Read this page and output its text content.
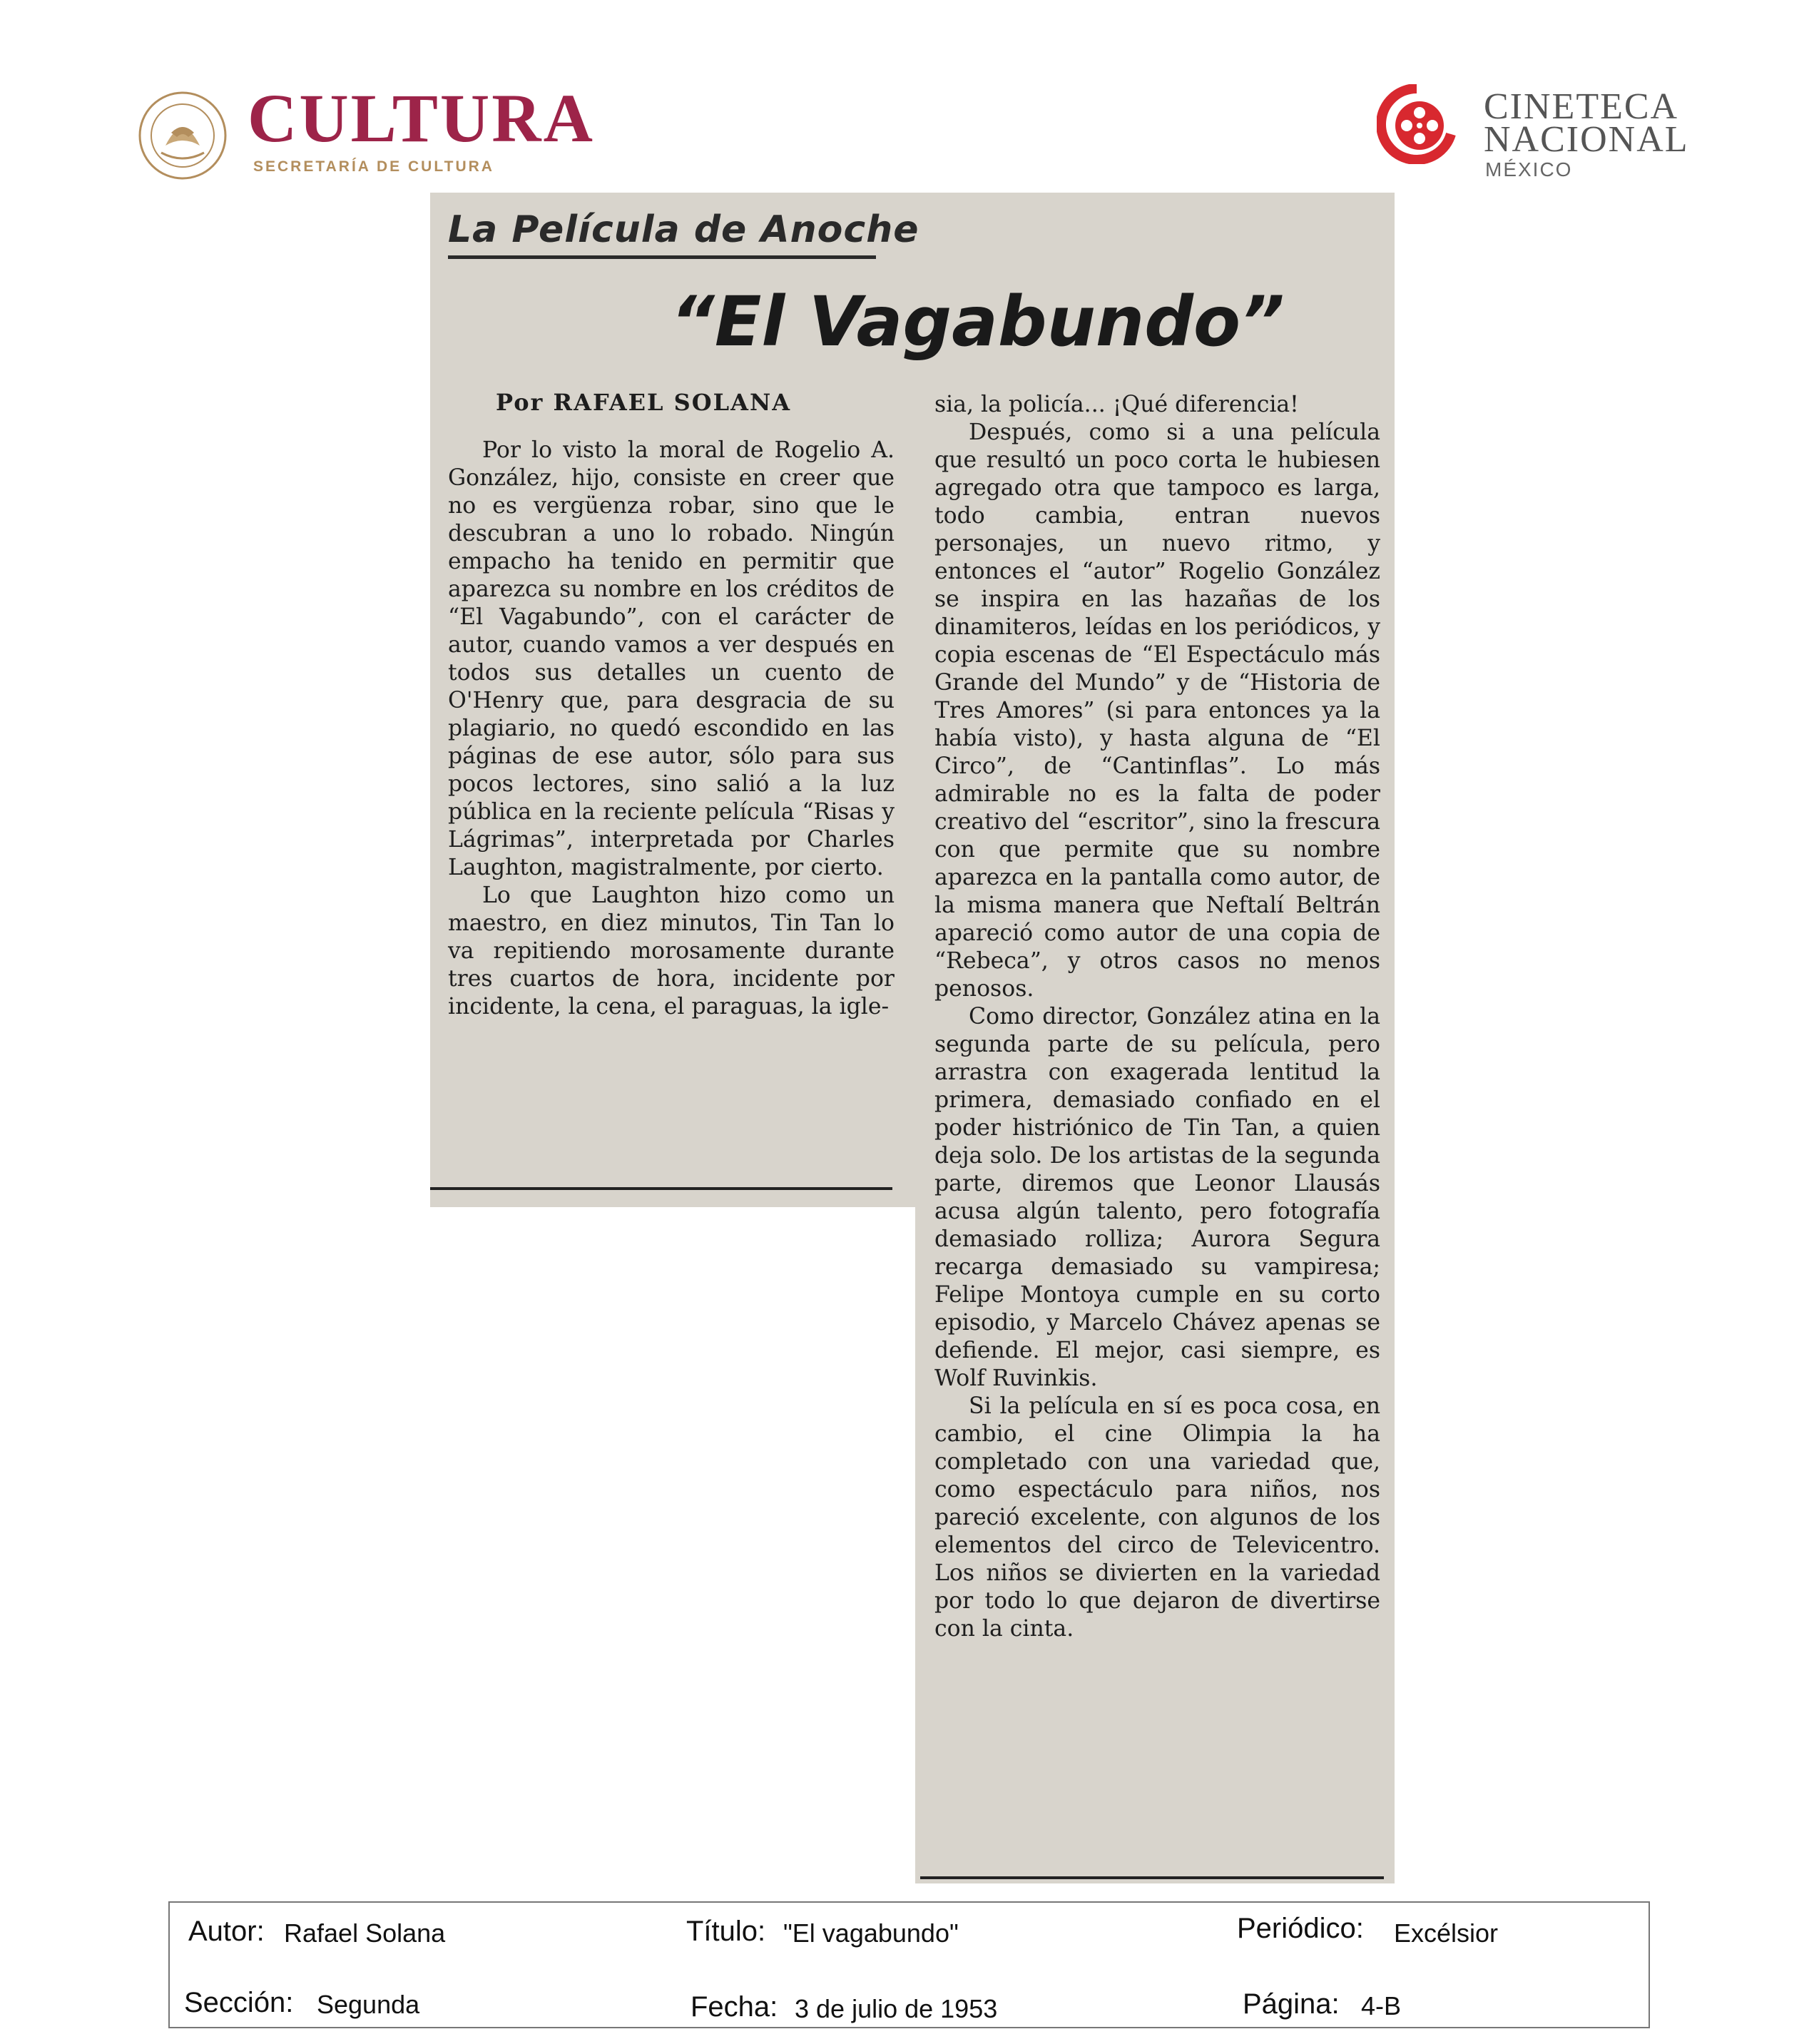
CULTURA
SECRETARÍA DE CULTURA
CINETECA
NACIONAL
MÉXICO
La Película de Anoche
“El Vagabundo”
Por RAFAEL SOLANA

Por lo visto la moral de Rogelio A. González, hijo, consiste en creer que no es vergüenza robar, sino que le descubran a uno lo robado. Ningún empacho ha tenido en permitir que aparezca su nombre en los créditos de “El Vagabundo”, con el carácter de autor, cuando vamos a ver después en todos sus detalles un cuento de O'Henry que, para desgracia de su plagiario, no quedó escondido en las páginas de ese autor, sólo para sus pocos lectores, sino salió a la luz pública en la reciente película “Risas y Lágrimas”, interpretada por Charles Laughton, magistralmente, por cierto.

Lo que Laughton hizo como un maestro, en diez minutos, Tin Tan lo va repitiendo morosamente durante tres cuartos de hora, incidente por incidente, la cena, el paraguas, la igle-

sia, la policía... ¡Qué diferencia!

Después, como si a una película que resultó un poco corta le hubiesen agregado otra que tampoco es larga, todo cambia, entran nuevos personajes, un nuevo ritmo, y entonces el “autor” Rogelio González se inspira en las hazañas de los dinamiteros, leídas en los periódicos, y copia escenas de “El Espectáculo más Grande del Mundo” y de “Historia de Tres Amores” (si para entonces ya la había visto), y hasta alguna de “El Circo”, de “Cantinflas”. Lo más admirable no es la falta de poder creativo del “escritor”, sino la frescura con que permite que su nombre aparezca en la pantalla como autor, de la misma manera que Neftalí Beltrán apareció como autor de una copia de “Rebeca”, y otros casos no menos penosos.

Como director, González atina en la segunda parte de su película, pero arrastra con exagerada lentitud la primera, demasiado confiado en el poder histriónico de Tin Tan, a quien deja solo. De los artistas de la segunda parte, diremos que Leonor Llausás acusa algún talento, pero fotografía demasiado rolliza; Aurora Segura recarga demasiado su vampiresa; Felipe Montoya cumple en su corto episodio, y Marcelo Chávez apenas se defiende. El mejor, casi siempre, es Wolf Ruvinkis.

Si la película en sí es poca cosa, en cambio, el cine Olimpia la ha completado con una variedad que, como espectáculo para niños, nos pareció excelente, con algunos de los elementos del circo de Televicentro. Los niños se divierten en la variedad por todo lo que dejaron de divertirse con la cinta.

Autor: Rafael Solana	Título: "El vagabundo"	Periódico: Excélsior
Sección: Segunda	Fecha: 3 de julio de 1953	Página: 4-B
